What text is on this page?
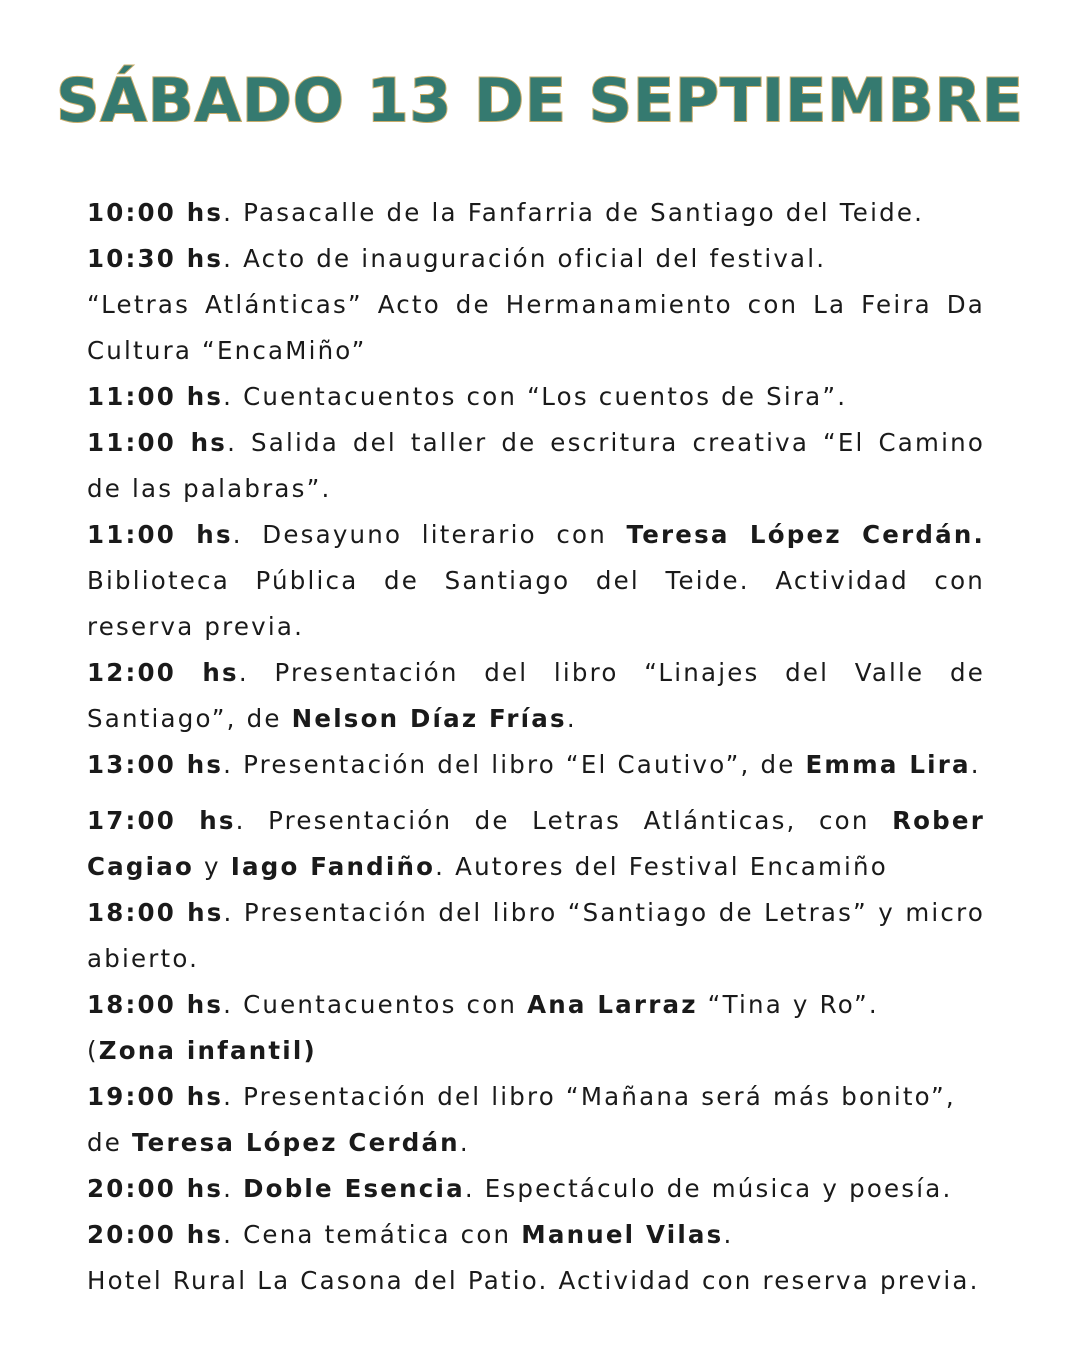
SÁBADO 13 DE SEPTIEMBRE

10:00 hs. Pasacalle de la Fanfarria de Santiago del Teide.

10:30 hs. Acto de inauguración oficial del festival.

“Letras Atlánticas” Acto de Hermanamiento con La Feira Da Cultura “EncaMiño”

11:00 hs. Cuentacuentos con “Los cuentos de Sira”.

11:00 hs. Salida del taller de escritura creativa “El Camino de las palabras”.

11:00 hs. Desayuno literario con Teresa López Cerdán. Biblioteca Pública de Santiago del Teide. Actividad con reserva previa.

12:00 hs. Presentación del libro “Linajes del Valle de Santiago”, de Nelson Díaz Frías.

13:00 hs. Presentación del libro “El Cautivo”, de Emma Lira.

17:00 hs. Presentación de Letras Atlánticas, con Rober Cagiao y Iago Fandiño. Autores del Festival Encamiño

18:00 hs. Presentación del libro “Santiago de Letras” y micro abierto.

18:00 hs. Cuentacuentos con Ana Larraz “Tina y Ro”.

(Zona infantil)

19:00 hs. Presentación del libro “Mañana será más bonito”, de Teresa López Cerdán.

20:00 hs. Doble Esencia. Espectáculo de música y poesía.

20:00 hs. Cena temática con Manuel Vilas.

Hotel Rural La Casona del Patio. Actividad con reserva previa.
